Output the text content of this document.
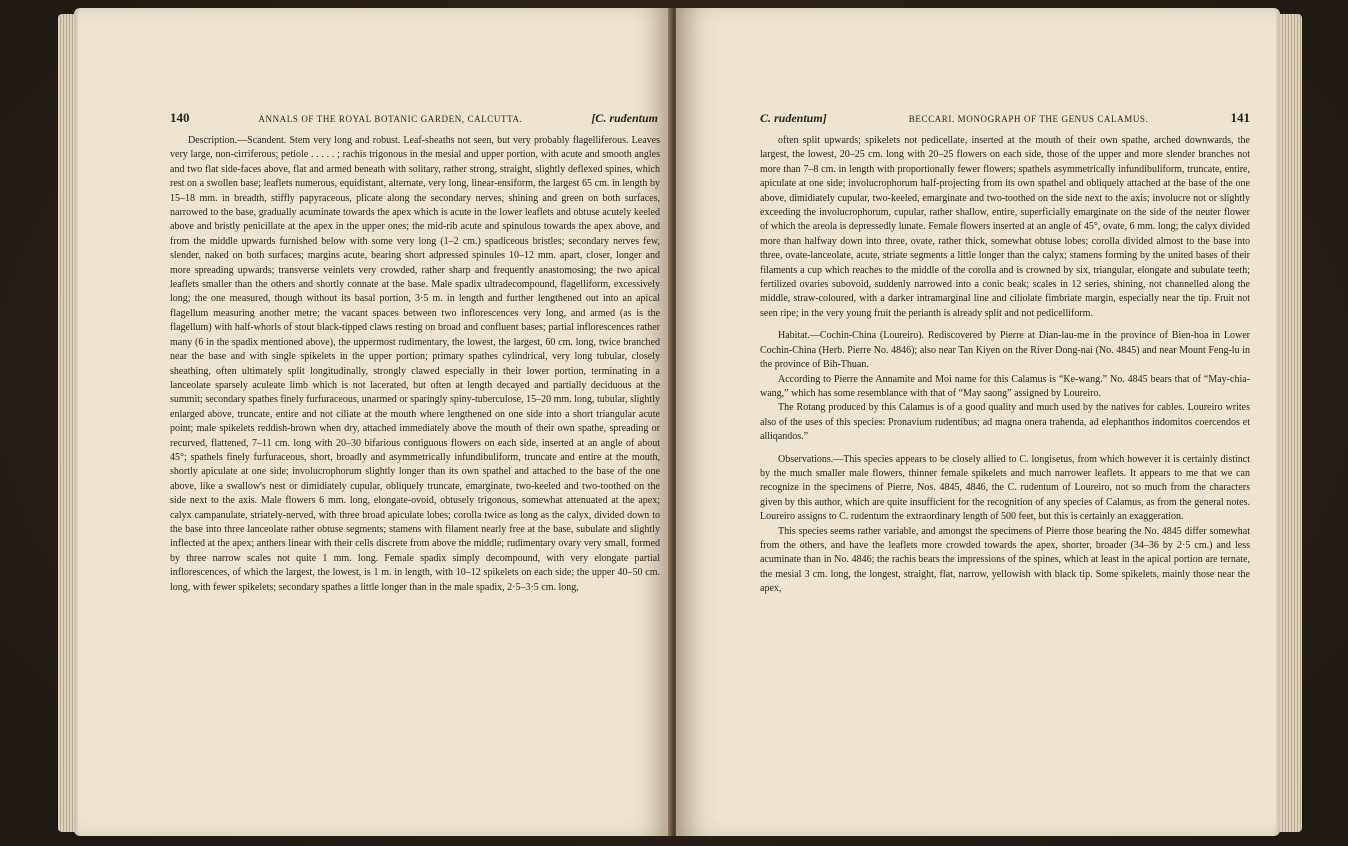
140	ANNALS OF THE ROYAL BOTANIC GARDEN, CALCUTTA.	[C. rudentum

Description.—Scandent. Stem very long and robust. Leaf-sheaths not seen, but very probably flagelliferous. Leaves very large, non-cirriferous; petiole . . . . . ; rachis trigonous in the mesial and upper portion, with acute and smooth angles and two flat side-faces above, flat and armed beneath with solitary, rather strong, straight, slightly deflexed spines, which rest on a swollen base; leaflets numerous, equidistant, alternate, very long, linear-ensiform, the largest 65 cm. in length by 15–18 mm. in breadth, stiffly papyraceous, plicate along the secondary nerves, shining and green on both surfaces, narrowed to the base, gradually acuminate towards the apex which is acute in the lower leaflets and obtuse acutely keeled above and bristly penicillate at the apex in the upper ones; the mid-rib acute and spinulous towards the apex above, and from the middle upwards furnished below with some very long (1–2 cm.) spadiceous bristles; secondary nerves few, slender, naked on both surfaces; margins acute, bearing short adpressed spinules 10–12 mm. apart, closer, longer and more spreading upwards; transverse veinlets very crowded, rather sharp and frequently anastomosing; the two apical leaflets smaller than the others and shortly connate at the base. Male spadix ultradecompound, flagelliform, excessively long; the one measured, though without its basal portion, 3·5 m. in length and further lengthened out into an apical flagellum measuring another metre; the vacant spaces between two inflorescences very long, and armed (as is the flagellum) with half-whorls of stout black-tipped claws resting on broad and confluent bases; partial inflorescences rather many (6 in the spadix mentioned above), the uppermost rudimentary, the lowest, the largest, 60 cm. long, twice branched near the base and with single spikelets in the upper portion; primary spathes cylindrical, very long tubular, closely sheathing, often ultimately split longitudinally, strongly clawed especially in their lower portion, terminating in a lanceolate sparsely aculeate limb which is not lacerated, but often at length decayed and partially deciduous at the summit; secondary spathes finely furfuraceous, unarmed or sparingly spiny-tuberculose, 15–20 mm. long, tubular, slightly enlarged above, truncate, entire and not ciliate at the mouth where lengthened on one side into a short triangular acute point; male spikelets reddish-brown when dry, attached immediately above the mouth of their own spathe, spreading or recurved, flattened, 7–11 cm. long with 20–30 bifarious contiguous flowers on each side, inserted at an angle of about 45°; spathels finely furfuraceous, short, broadly and asymmetrically infundibuliform, truncate and entire at the mouth, shortly apiculate at one side; involucrophorum slightly longer than its own spathel and attached to the base of the one above, like a swallow's nest or dimidiately cupular, obliquely truncate, emarginate, two-keeled and two-toothed on the side next to the axis. Male flowers 6 mm. long, elongate-ovoid, obtusely trigonous, somewhat attenuated at the apex; calyx campanulate, striately-nerved, with three broad apiculate lobes; corolla twice as long as the calyx, divided down to the base into three lanceolate rather obtuse segments; stamens with filament nearly free at the base, subulate and slightly inflected at the apex; anthers linear with their cells discrete from above the middle; rudimentary ovary very small, formed by three narrow scales not quite 1 mm. long. Female spadix simply decompound, with very elongate partial inflorescences, of which the largest, the lowest, is 1 m. in length, with 10–12 spikelets on each side; the upper 40–50 cm. long, with fewer spikelets; secondary spathes a little longer than in the male spadix, 2·5–3·5 cm. long,

C. rudentum]	BECCARI. MONOGRAPH OF THE GENUS CALAMUS.	141

often split upwards; spikelets not pedicellate, inserted at the mouth of their own spathe, arched downwards, the largest, the lowest, 20–25 cm. long with 20–25 flowers on each side, those of the upper and more slender branches not more than 7–8 cm. in length with proportionally fewer flowers; spathels asymmetrically infundibuliform, truncate, entire, apiculate at one side; involucrophorum half-projecting from its own spathel and obliquely attached at the base of the one above, dimidiately cupular, two-keeled, emarginate and two-toothed on the side next to the axis; involucre not or slightly exceeding the involucrophorum, cupular, rather shallow, entire, superficially emarginate on the side of the neuter flower of which the areola is depressedly lunate. Female flowers inserted at an angle of 45°, ovate, 6 mm. long; the calyx divided more than halfway down into three, ovate, rather thick, somewhat obtuse lobes; corolla divided almost to the base into three, ovate-lanceolate, acute, striate segments a little longer than the calyx; stamens forming by the united bases of their filaments a cup which reaches to the middle of the corolla and is crowned by six, triangular, elongate and subulate teeth; fertilized ovaries subovoid, suddenly narrowed into a conic beak; scales in 12 series, shining, not channelled along the middle, straw-coloured, with a darker intramarginal line and ciliolate fimbriate margin, especially near the tip. Fruit not seen ripe; in the very young fruit the perianth is already split and not pedicelliform.

Habitat.—Cochin-China (Loureiro). Rediscovered by Pierre at Dian-lau-me in the province of Bien-hoa in Lower Cochin-China (Herb. Pierre No. 4846); also near Tan Kiyen on the River Dong-nai (No. 4845) and near Mount Feng-lu in the province of Bih-Thuan.

According to Pierre the Annamite and Moi name for this Calamus is “Ke-wang.” No. 4845 bears that of “May-chia-wang,” which has some resemblance with that of “May saong” assigned by Loureiro.

The Rotang produced by this Calamus is of a good quality and much used by the natives for cables. Loureiro writes also of the uses of this species: Pronavium rudentibus; ad magna onera trahenda, ad elephanthos indomitos coercendos et alliqandos.”

Observations.—This species appears to be closely allied to C. longisetus, from which however it is certainly distinct by the much smaller male flowers, thinner female spikelets and much narrower leaflets. It appears to me that we can recognize in the specimens of Pierre, Nos. 4845, 4846, the C. rudentum of Loureiro, not so much from the characters given by this author, which are quite insufficient for the recognition of any species of Calamus, as from the general notes. Loureiro assigns to C. rudentum the extraordinary length of 500 feet, but this is certainly an exaggeration.

This species seems rather variable, and amongst the specimens of Pierre those bearing the No. 4845 differ somewhat from the others, and have the leaflets more crowded towards the apex, shorter, broader (34–36 by 2·5 cm.) and less acuminate than in No. 4846; the rachis bears the impressions of the spines, which at least in the apical portion are ternate, the mesial 3 cm. long, the longest, straight, flat, narrow, yellowish with black tip. Some spikelets, mainly those near the apex,
